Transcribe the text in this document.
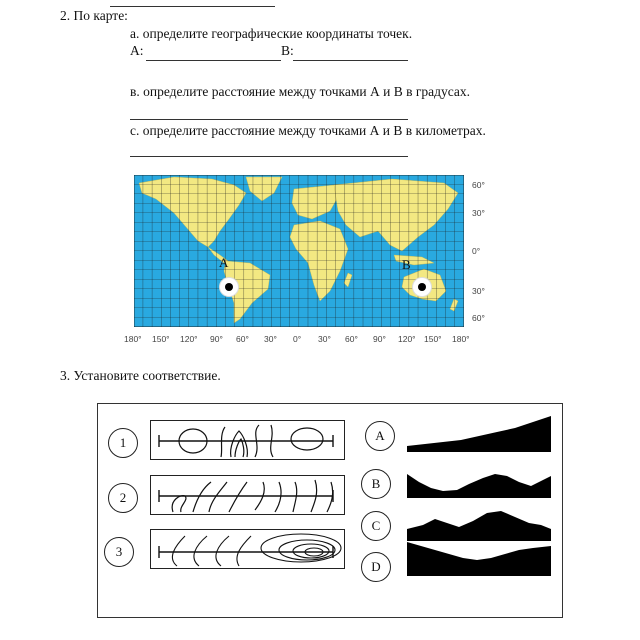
2. По карте:
а. определите географические координаты точек.
А:	В:
в. определите расстояние между точками А и В в градусах.
с. определите расстояние между точками А и В в километрах.
60°
30°
0°
30°
60°
180° 150° 120° 90° 60° 30° 0° 30° 60° 90° 120° 150° 180°
A	B
3. Установите соответствие.
1
2
3
A
B
C
D
